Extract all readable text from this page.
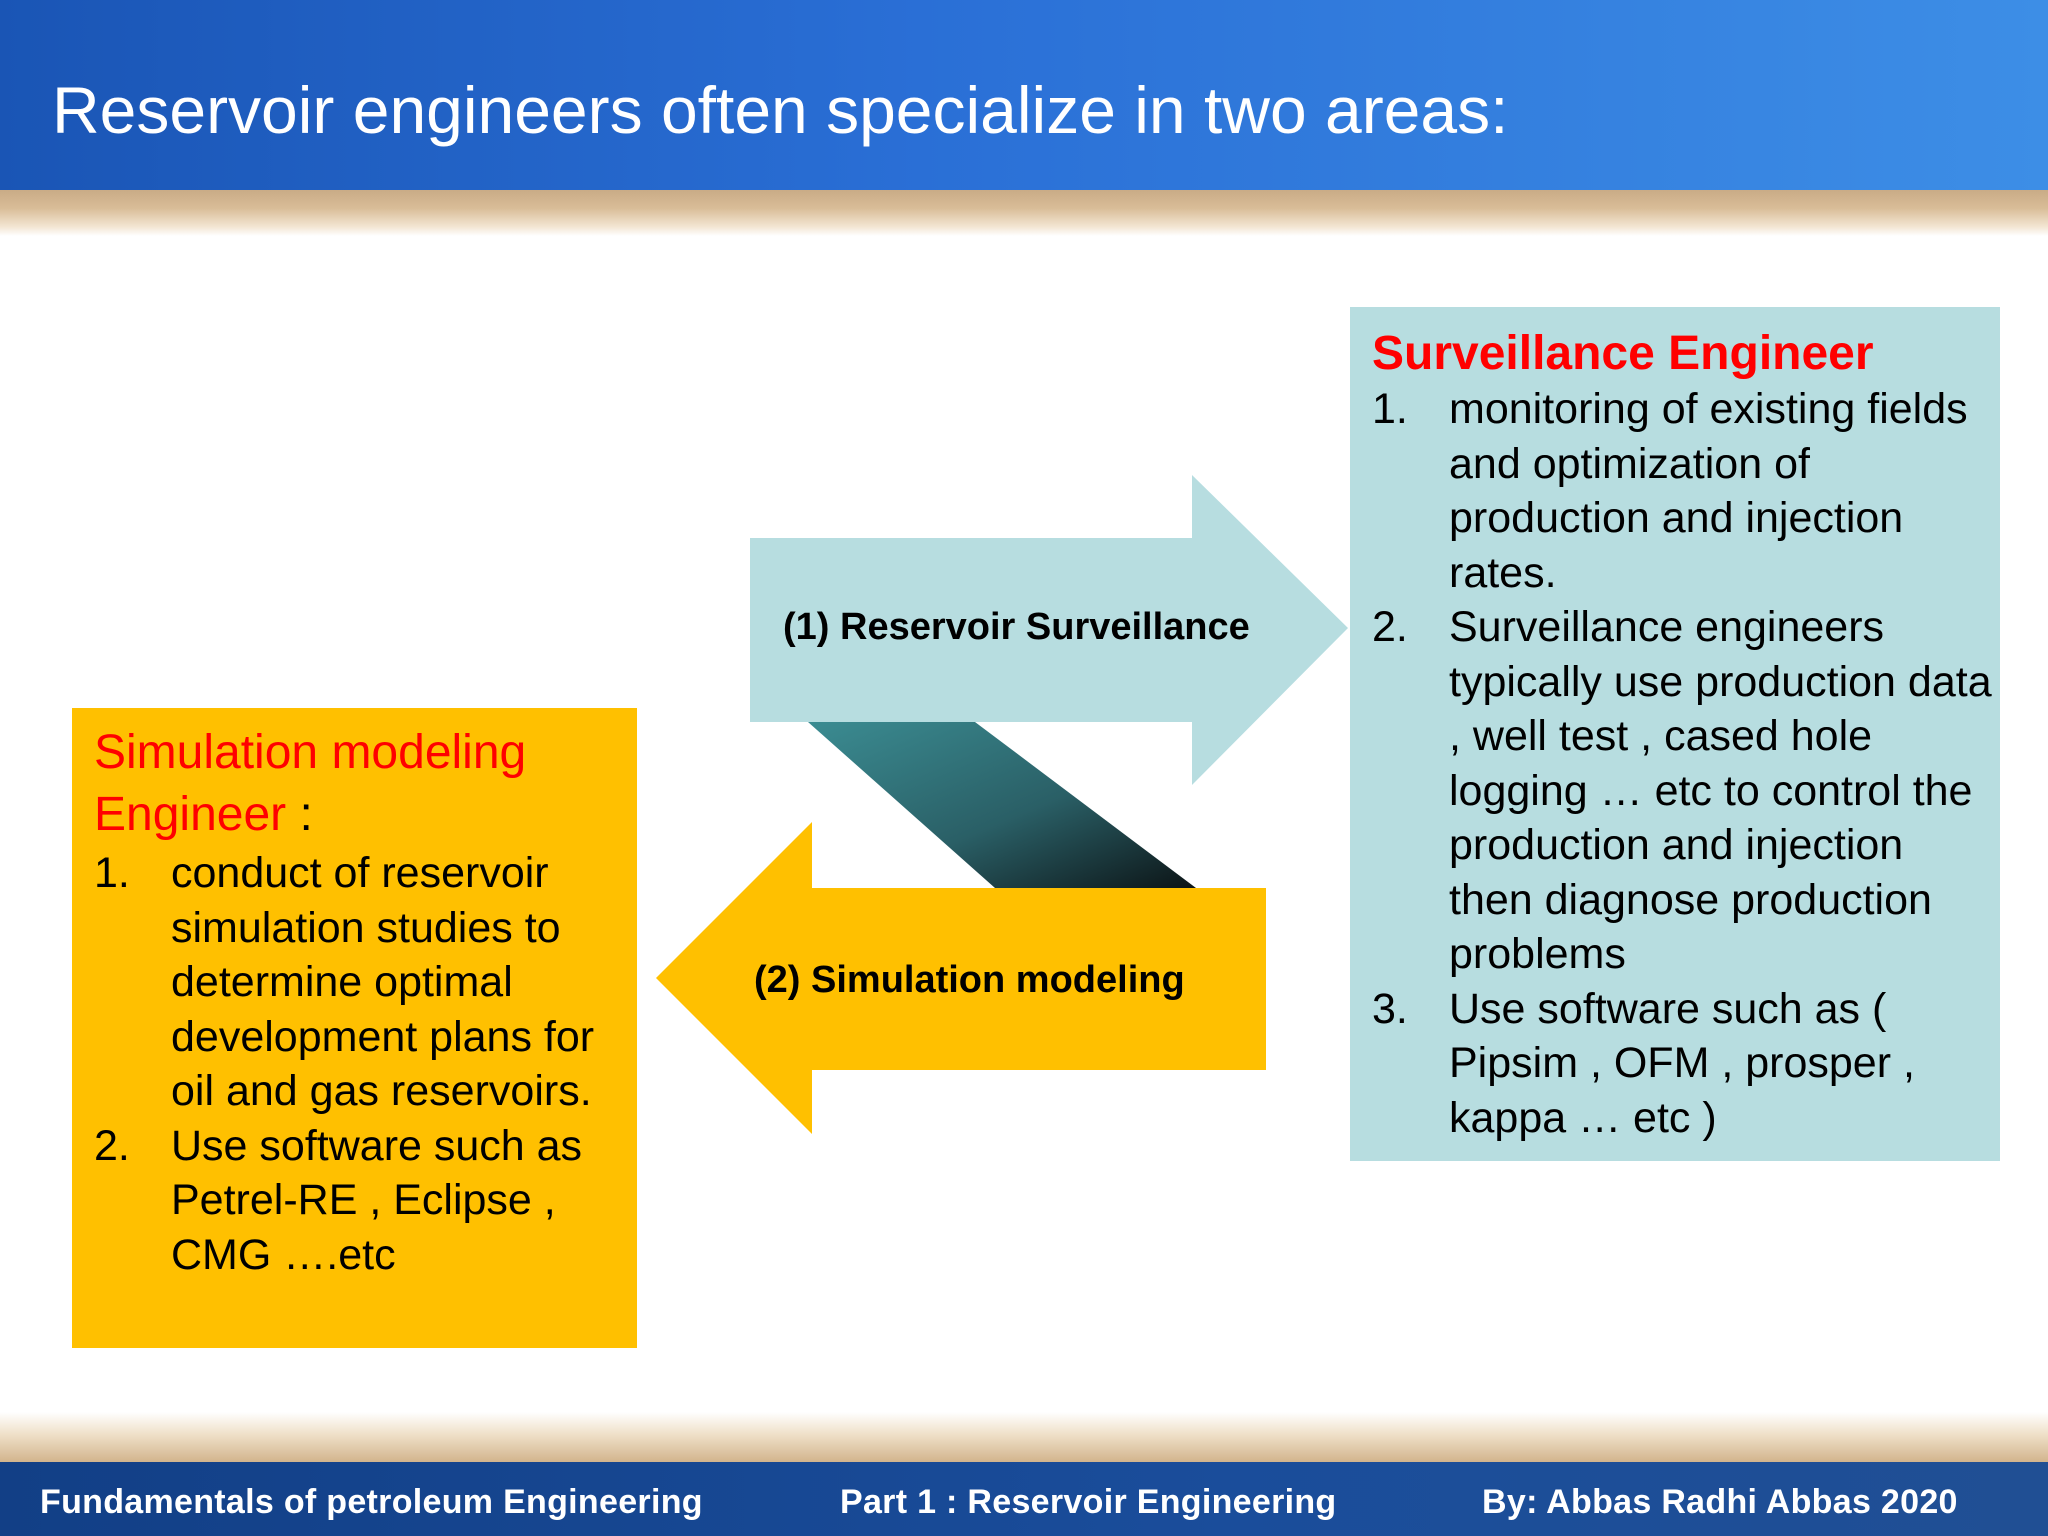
Reservoir engineers often specialize in two areas:
(1) Reservoir Surveillance
(2) Simulation modeling
Simulation modeling Engineer :
1. conduct of reservoir simulation studies to determine optimal development plans for oil and gas reservoirs.
2. Use software such as Petrel-RE , Eclipse , CMG ….etc
Surveillance Engineer
1. monitoring of existing fields and optimization of production and injection rates.
2. Surveillance engineers typically use production data , well test , cased hole logging … etc to control the production and injection then diagnose production problems
3. Use software such as ( Pipsim , OFM , prosper , kappa … etc )
Fundamentals of petroleum Engineering	Part 1 : Reservoir Engineering	By: Abbas Radhi Abbas 2020
